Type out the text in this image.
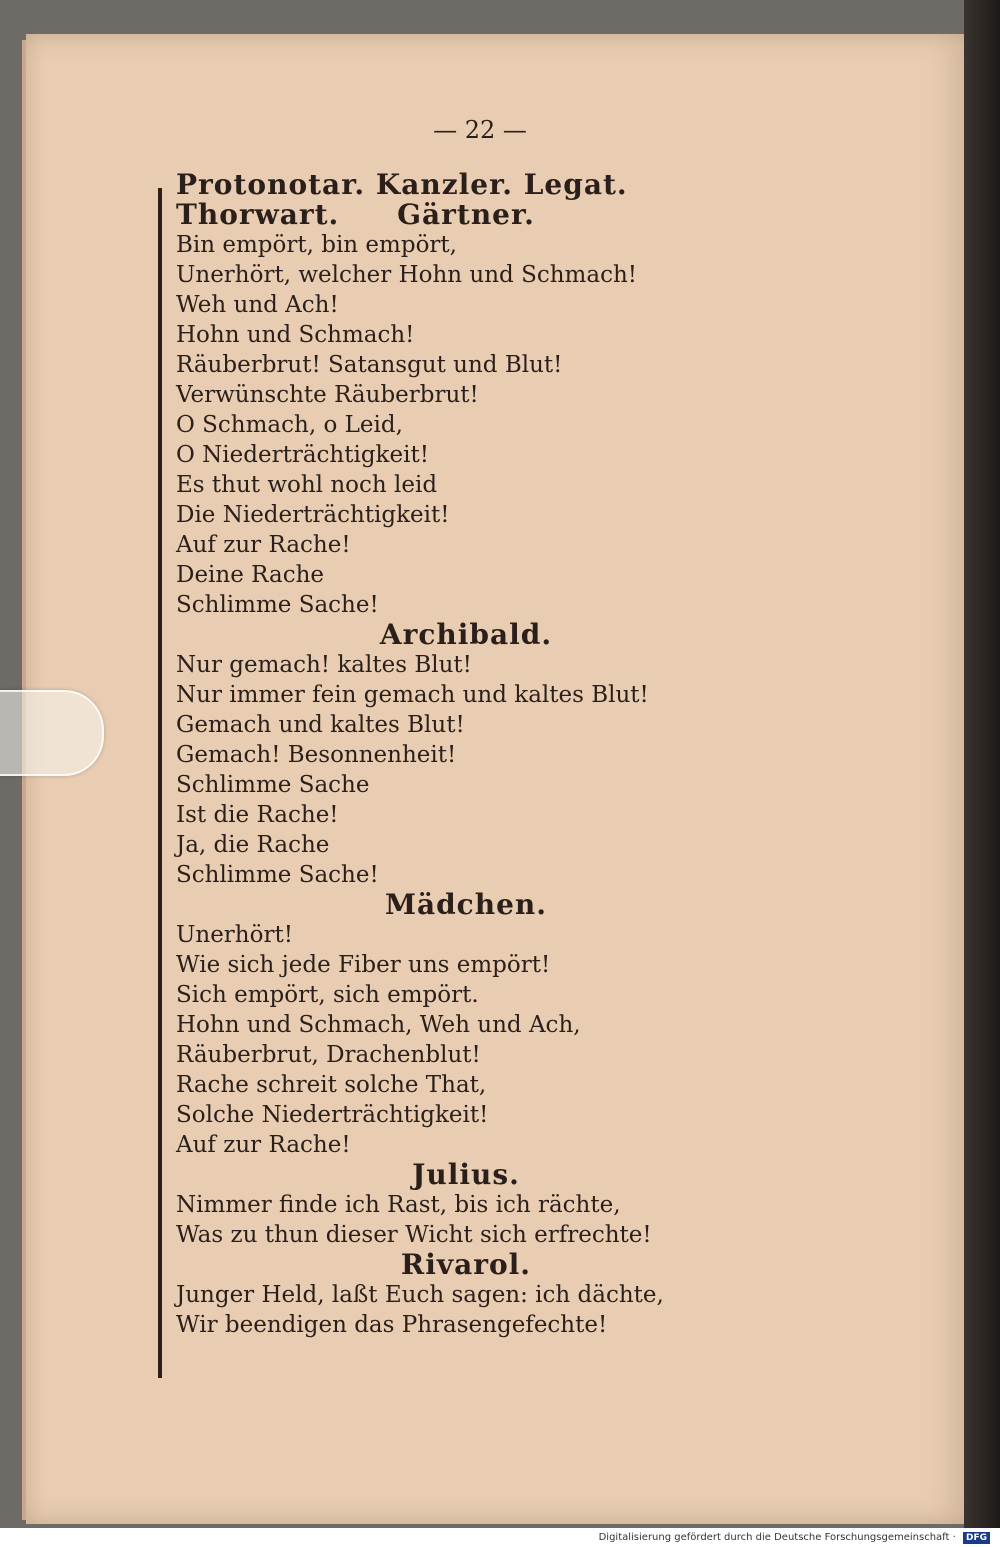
— 22 —
Protonotar. Kanzler. Legat. Thorwart.	Gärtner.
Bin empört, bin empört,
Unerhört, welcher Hohn und Schmach!
Weh und Ach!
Hohn und Schmach!
Räuberbrut! Satansgut und Blut!
Verwünschte Räuberbrut!
O Schmach, o Leid,
O Niederträchtigkeit!
Es thut wohl noch leid
Die Niederträchtigkeit!
Auf zur Rache!
Deine Rache
Schlimme Sache!
Archibald.
Nur gemach! kaltes Blut!
Nur immer fein gemach und kaltes Blut!
Gemach und kaltes Blut!
Gemach! Besonnenheit!
Schlimme Sache
Ist die Rache!
Ja, die Rache
Schlimme Sache!
Mädchen.
Unerhört!
Wie sich jede Fiber uns empört!
Sich empört, sich empört.
Hohn und Schmach, Weh und Ach,
Räuberbrut, Drachenblut!
Rache schreit solche That,
Solche Niederträchtigkeit!
Auf zur Rache!
Julius.
Nimmer finde ich Rast, bis ich rächte,
Was zu thun dieser Wicht sich erfrechte!
Rivarol.
Junger Held, laßt Euch sagen: ich dächte,
Wir beendigen das Phrasengefechte!
Digitalisierung gefördert durch die Deutsche Forschungsgemeinschaft · DFG
